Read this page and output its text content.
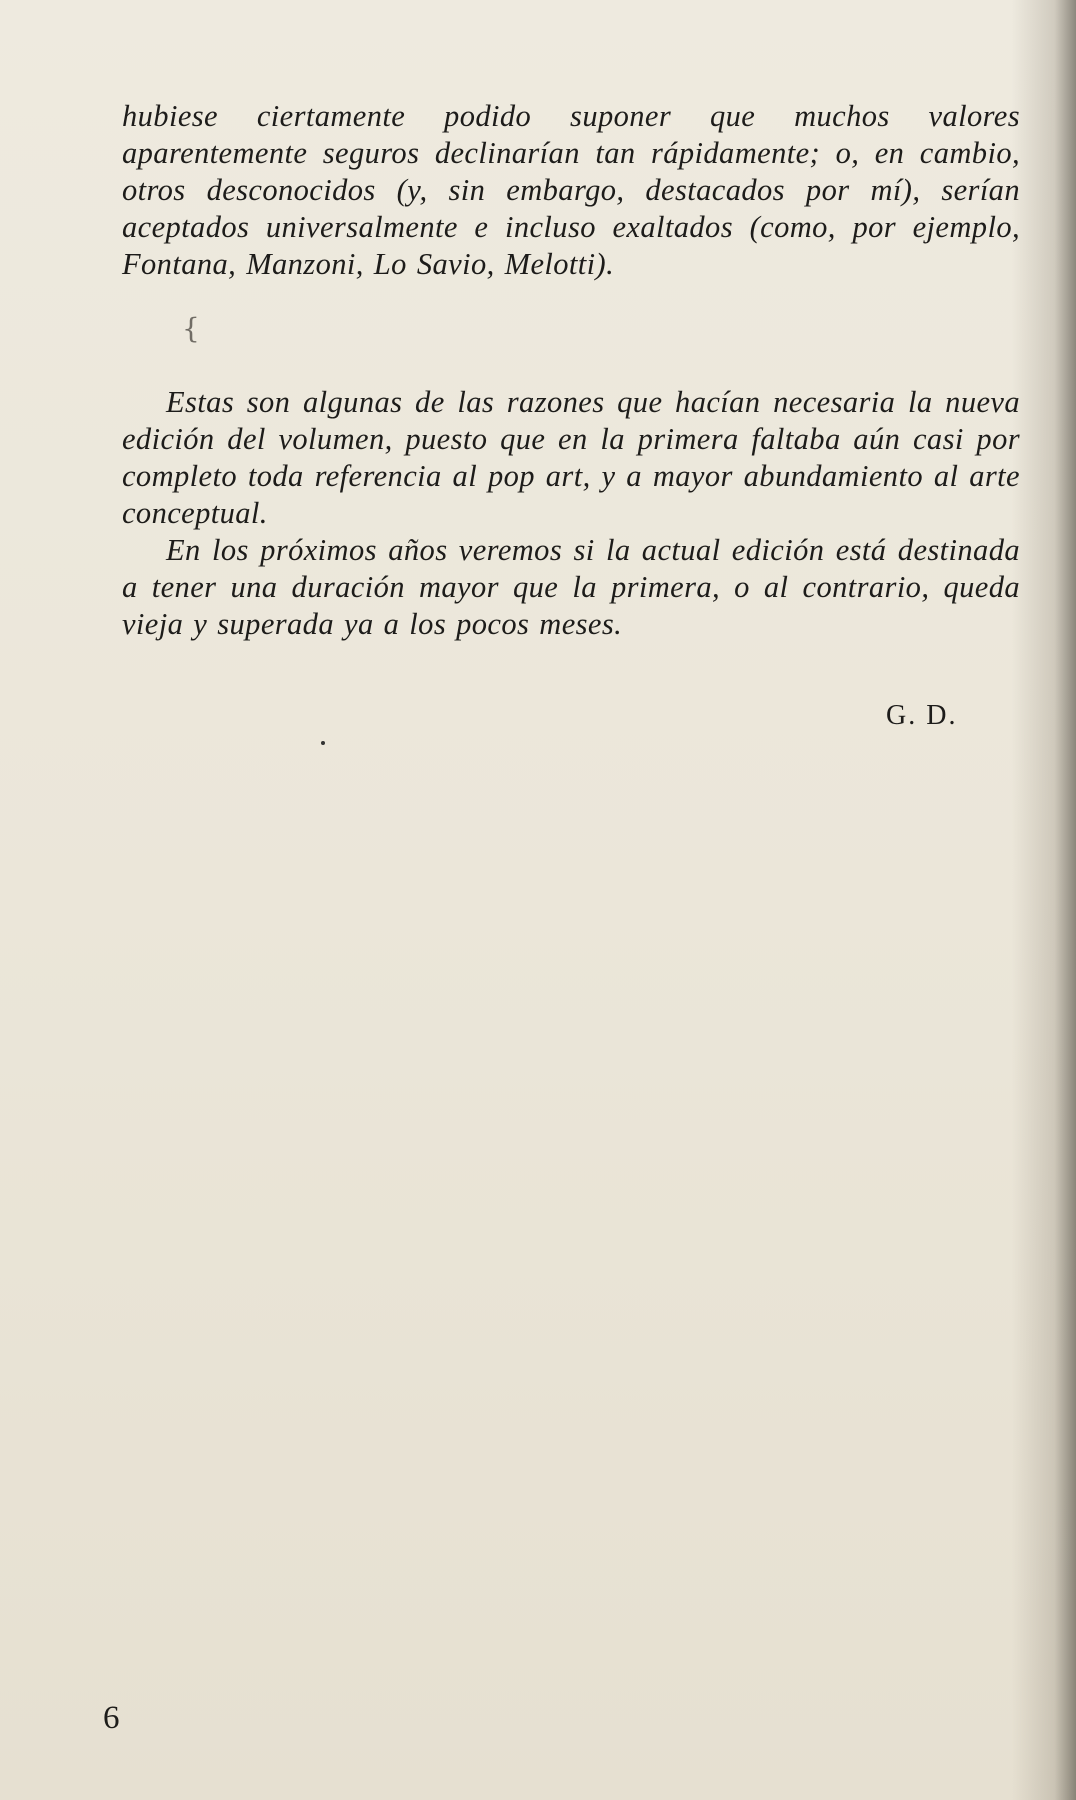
hubiese ciertamente podido suponer que muchos valores aparentemente seguros declinarían tan rápidamente; o, en cambio, otros desconocidos (y, sin embargo, destacados por mí), serían aceptados universalmente e incluso exaltados (como, por ejemplo, Fontana, Manzoni, Lo Savio, Melotti).

{

Estas son algunas de las razones que hacían necesaria la nueva edición del volumen, puesto que en la primera faltaba aún casi por completo toda referencia al pop art, y a mayor abundamiento al arte conceptual.

En los próximos años veremos si la actual edición está destinada a tener una duración mayor que la primera, o al contrario, queda vieja y superada ya a los pocos meses.

G. D.
6
